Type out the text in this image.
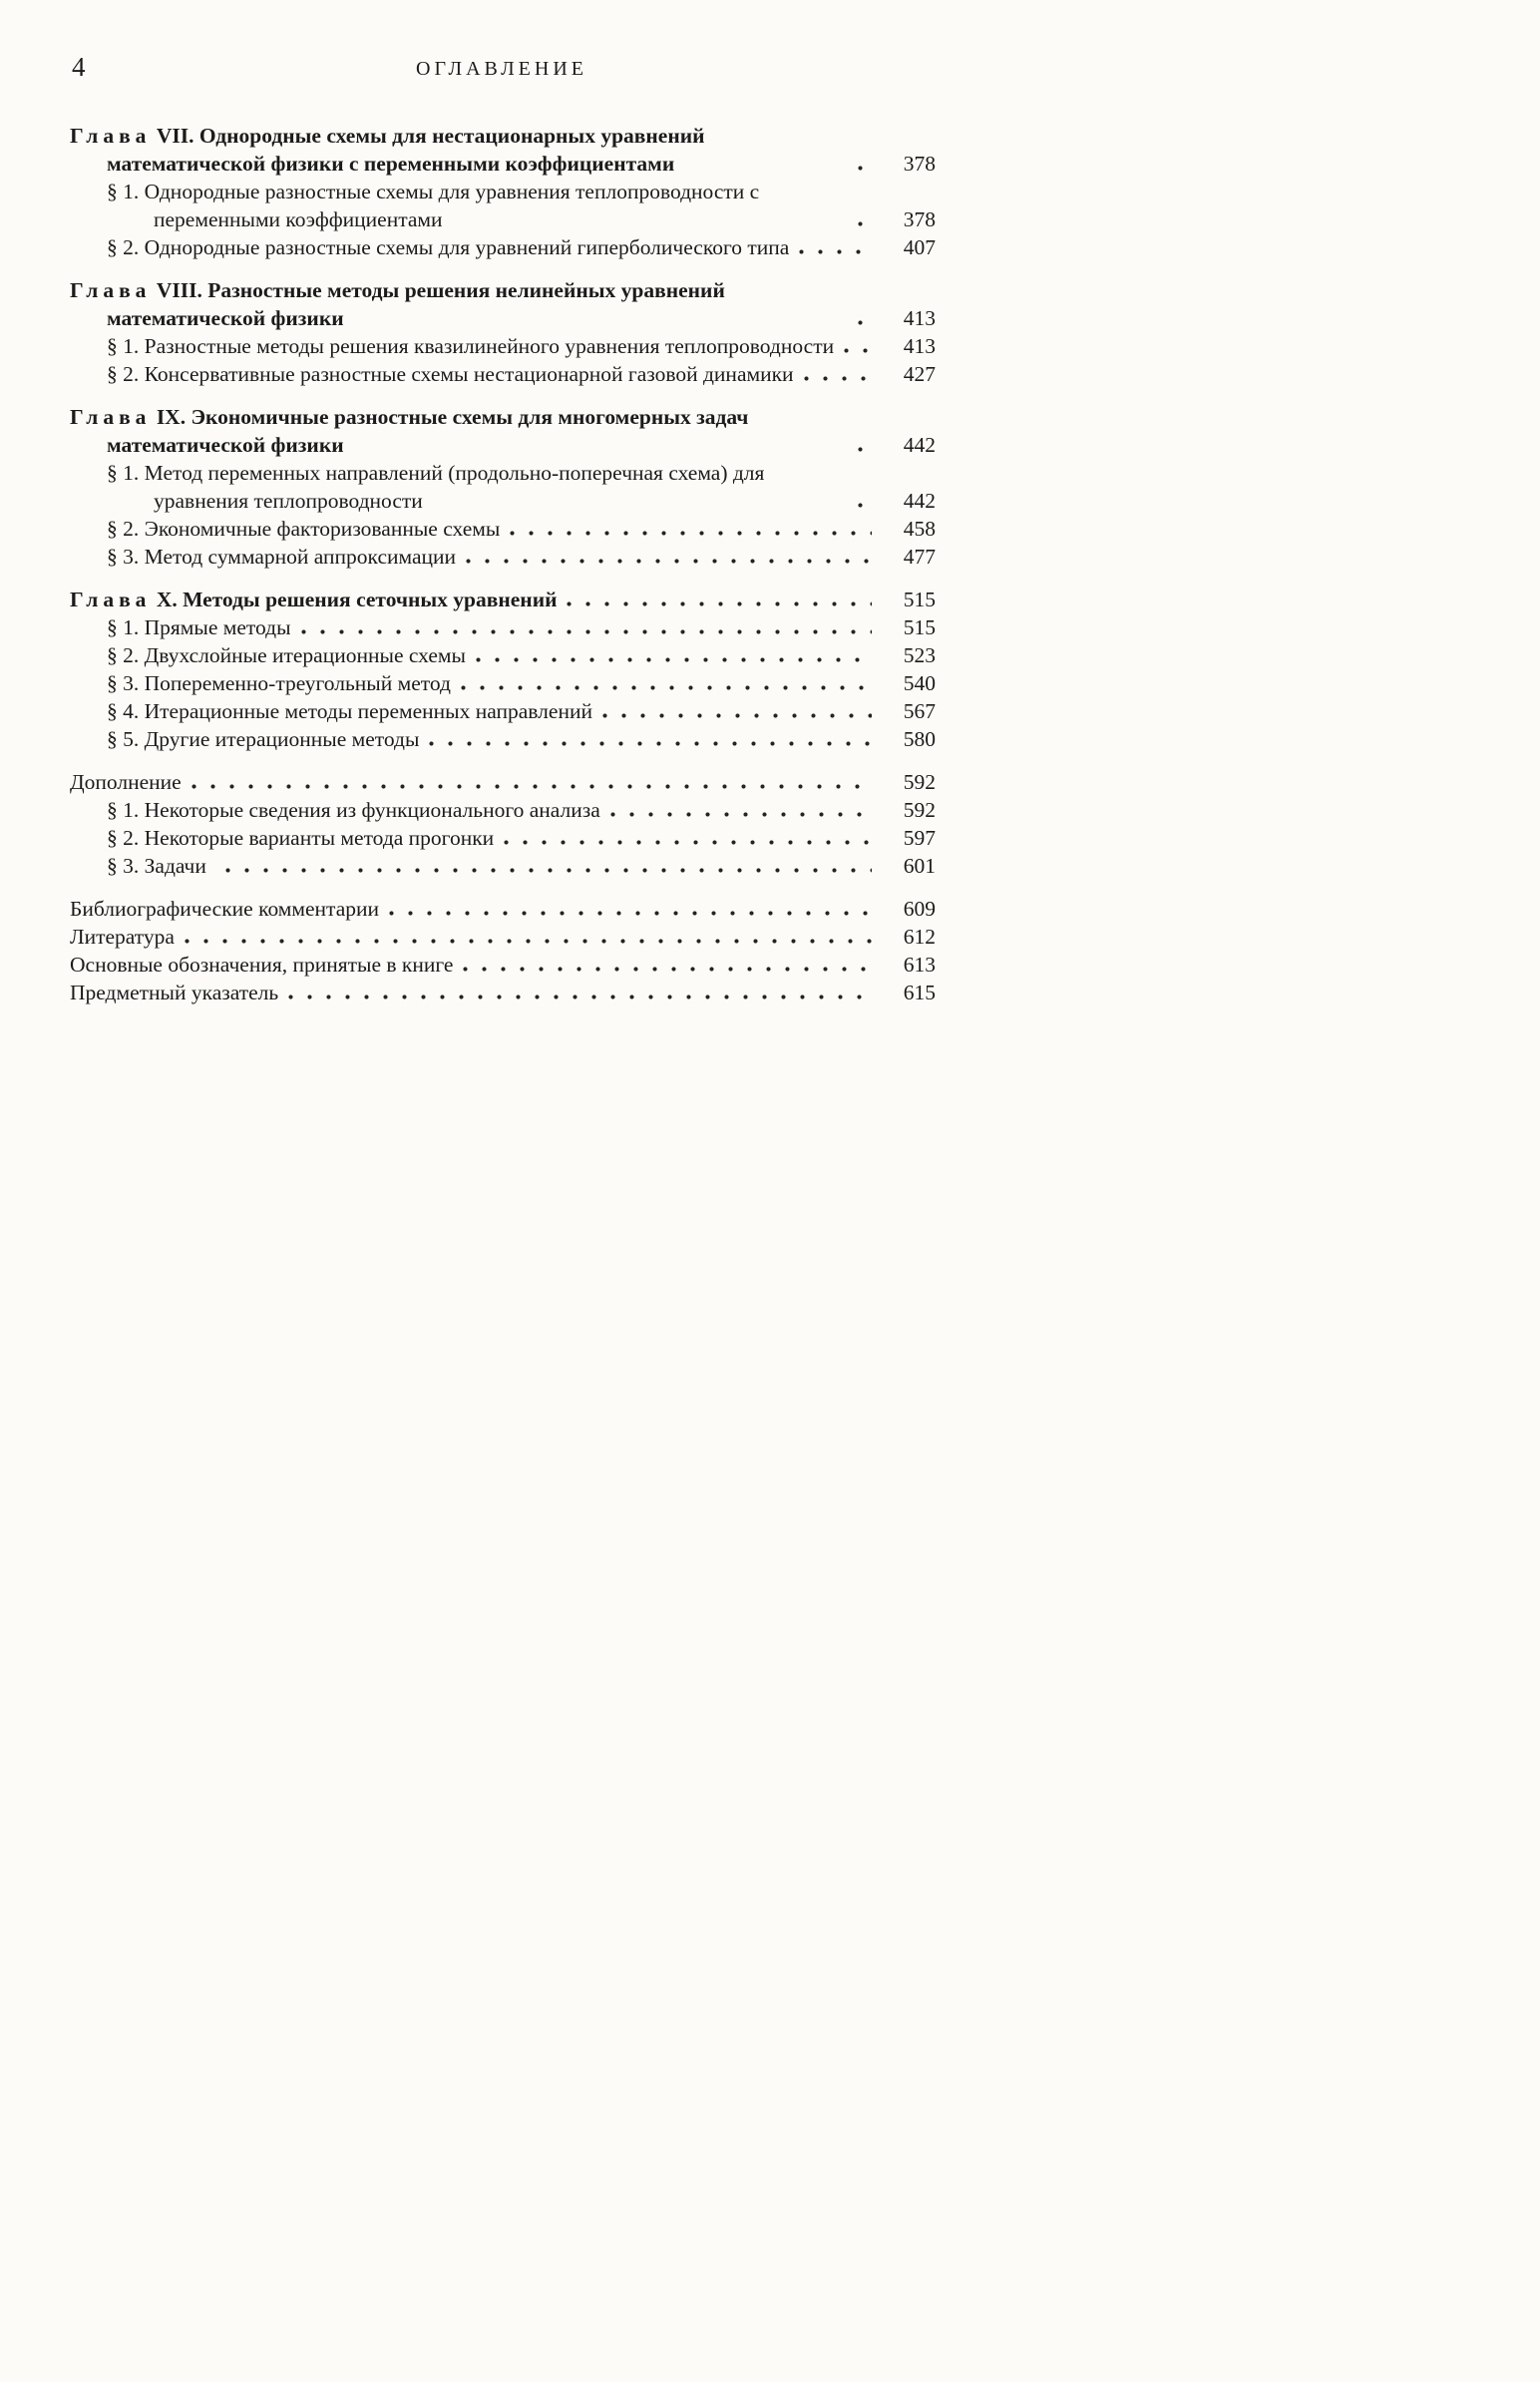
4	ОГЛАВЛЕНИЕ
Глава VII. Однородные схемы для нестационарных уравнений математической физики с переменными коэффициентами	378
§ 1. Однородные разностные схемы для уравнения теплопроводности с переменными коэффициентами	378
§ 2. Однородные разностные схемы для уравнений гиперболического типа	407
Глава VIII. Разностные методы решения нелинейных уравнений математической физики	413
§ 1. Разностные методы решения квазилинейного уравнения теплопроводности	413
§ 2. Консервативные разностные схемы нестационарной газовой динамики	427
Глава IX. Экономичные разностные схемы для многомерных задач математической физики	442
§ 1. Метод переменных направлений (продольно-поперечная схема) для уравнения теплопроводности	442
§ 2. Экономичные факторизованные схемы	458
§ 3. Метод суммарной аппроксимации	477
Глава X. Методы решения сеточных уравнений	515
§ 1. Прямые методы	515
§ 2. Двухслойные итерационные схемы	523
§ 3. Попеременно-треугольный метод	540
§ 4. Итерационные методы переменных направлений	567
§ 5. Другие итерационные методы	580
Дополнение	592
§ 1. Некоторые сведения из функционального анализа	592
§ 2. Некоторые варианты метода прогонки	597
§ 3. Задачи	601
Библиографические комментарии	609
Литература	612
Основные обозначения, принятые в книге	613
Предметный указатель	615
